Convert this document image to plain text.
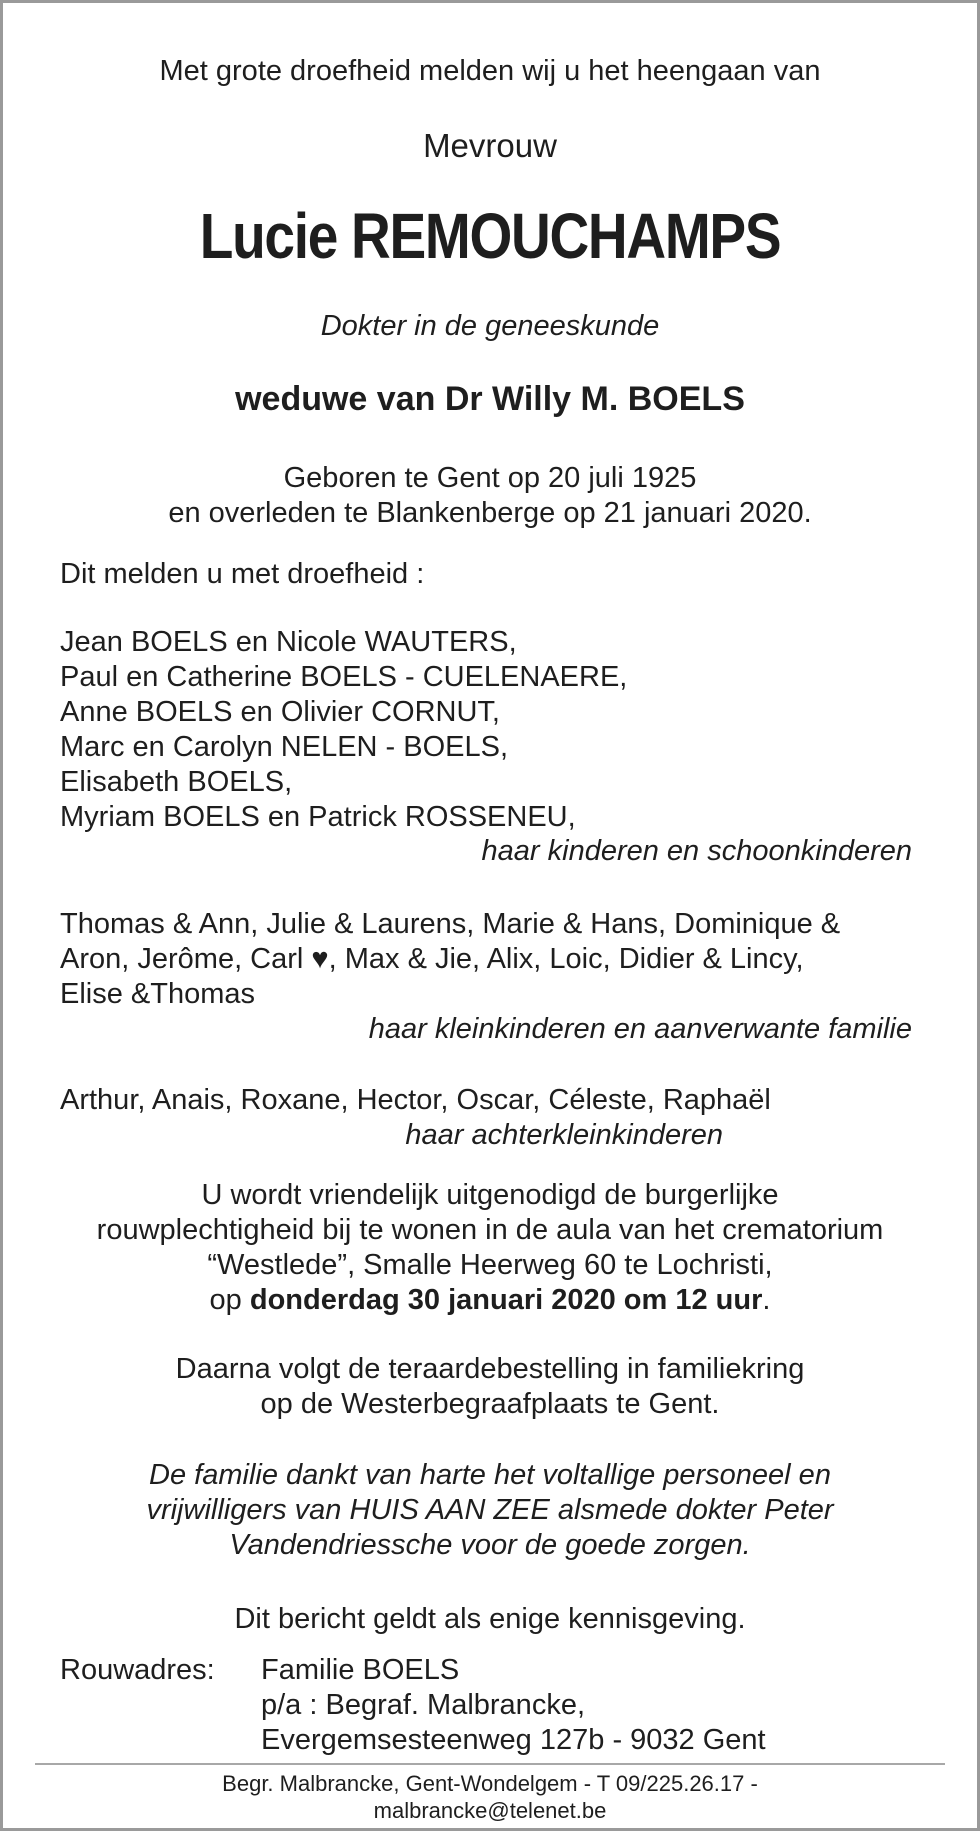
Met grote droefheid melden wij u het heengaan van
Mevrouw
Lucie REMOUCHAMPS
Dokter in de geneeskunde
weduwe van Dr Willy M. BOELS
Geboren te Gent op 20 juli 1925
en overleden te Blankenberge op 21 januari 2020.
Dit melden u met droefheid :
Jean BOELS en Nicole WAUTERS,
Paul en Catherine BOELS - CUELENAERE,
Anne BOELS en Olivier CORNUT,
Marc en Carolyn NELEN - BOELS,
Elisabeth BOELS,
Myriam BOELS en Patrick ROSSENEU,
haar kinderen en schoonkinderen
Thomas & Ann, Julie & Laurens, Marie & Hans, Dominique &
Aron, Jerôme, Carl ♥, Max & Jie, Alix, Loic, Didier & Lincy,
Elise &Thomas
haar kleinkinderen en aanverwante familie
Arthur, Anais, Roxane, Hector, Oscar, Céleste, Raphaël
haar achterkleinkinderen
U wordt vriendelijk uitgenodigd de burgerlijke
rouwplechtigheid bij te wonen in de aula van het crematorium
“Westlede”, Smalle Heerweg 60 te Lochristi,
op donderdag 30 januari 2020 om 12 uur.
Daarna volgt de teraardebestelling in familiekring
op de Westerbegraafplaats te Gent.
De familie dankt van harte het voltallige personeel en
vrijwilligers van HUIS AAN ZEE alsmede dokter Peter
Vandendriessche voor de goede zorgen.
Dit bericht geldt als enige kennisgeving.
Rouwadres: Familie BOELS
p/a : Begraf. Malbrancke,
Evergemsesteenweg 127b - 9032 Gent
Begr. Malbrancke, Gent-Wondelgem - T 09/225.26.17 -
malbrancke@telenet.be
